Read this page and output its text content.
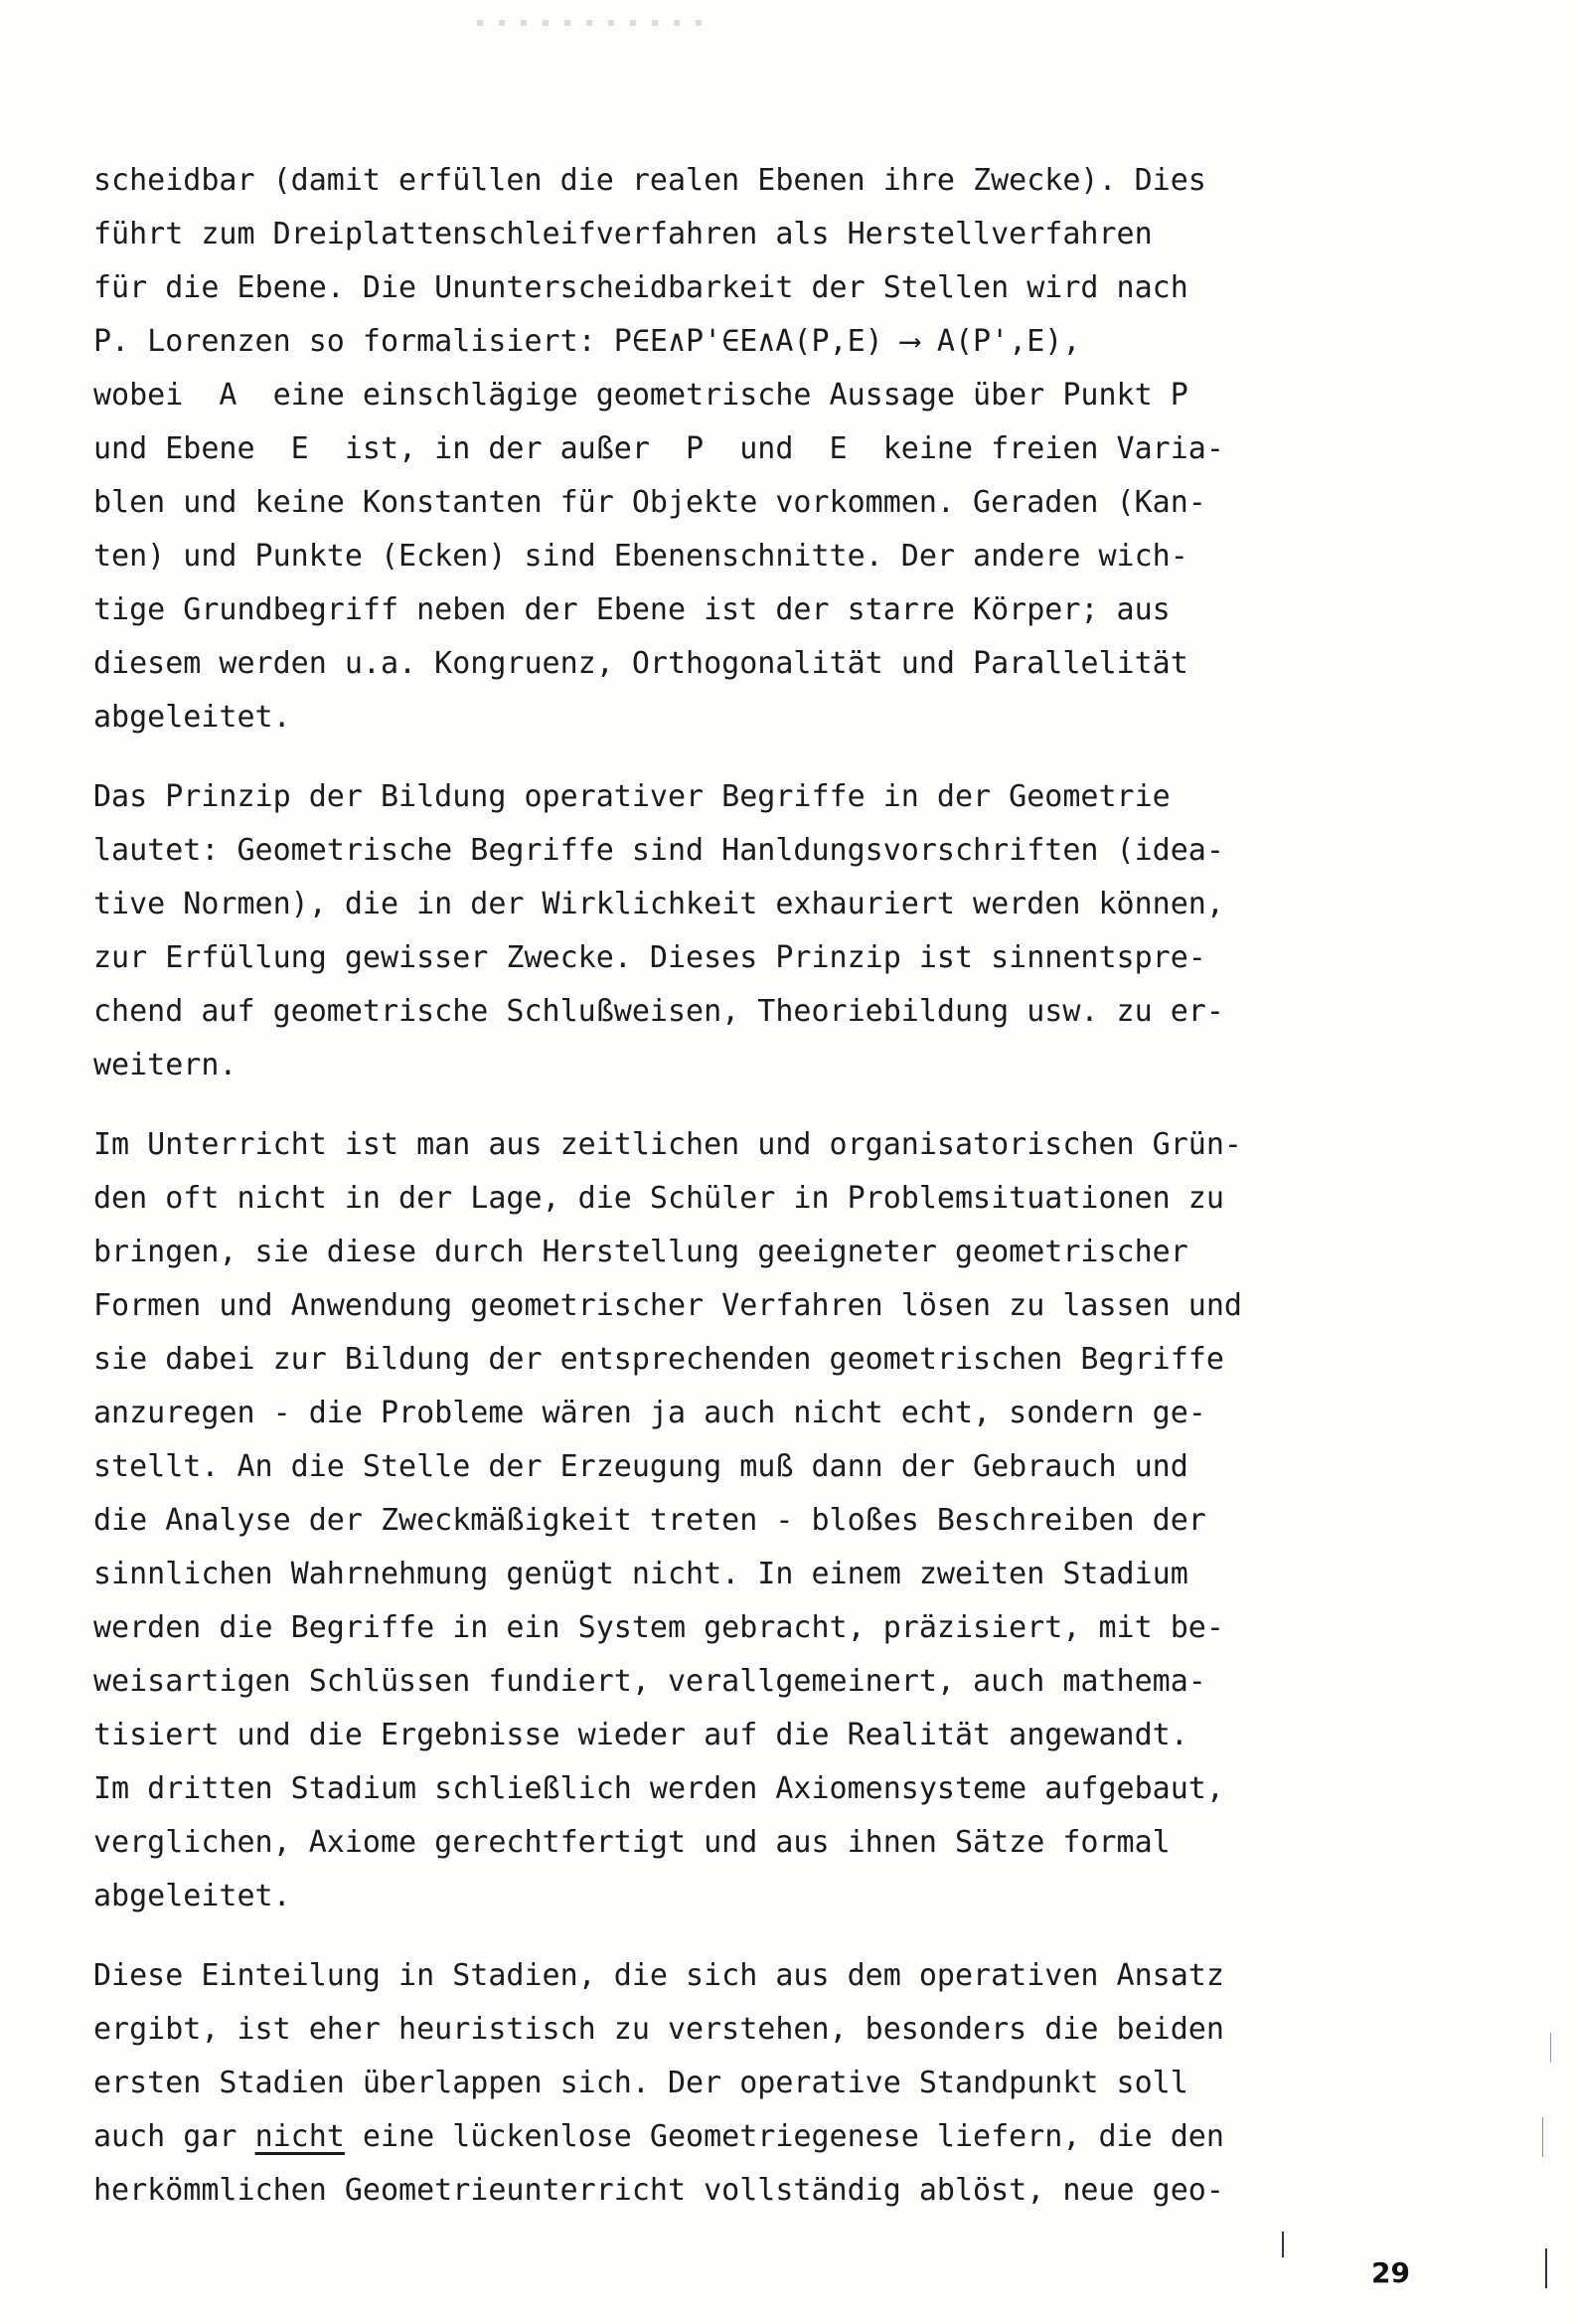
scheidbar (damit erfüllen die realen Ebenen ihre Zwecke). Dies
führt zum Dreiplattenschleifverfahren als Herstellverfahren
für die Ebene. Die Ununterscheidbarkeit der Stellen wird nach
P. Lorenzen so formalisiert: P∈E∧P'∈E∧A(P,E) ⟶ A(P',E),
wobei  A  eine einschlägige geometrische Aussage über Punkt P
und Ebene  E  ist, in der außer  P  und  E  keine freien Varia-
blen und keine Konstanten für Objekte vorkommen. Geraden (Kan-
ten) und Punkte (Ecken) sind Ebenenschnitte. Der andere wich-
tige Grundbegriff neben der Ebene ist der starre Körper; aus
diesem werden u.a. Kongruenz, Orthogonalität und Parallelität
abgeleitet.
Das Prinzip der Bildung operativer Begriffe in der Geometrie
lautet: Geometrische Begriffe sind Hanldungsvorschriften (idea-
tive Normen), die in der Wirklichkeit exhauriert werden können,
zur Erfüllung gewisser Zwecke. Dieses Prinzip ist sinnentspre-
chend auf geometrische Schlußweisen, Theoriebildung usw. zu er-
weitern.
Im Unterricht ist man aus zeitlichen und organisatorischen Grün-
den oft nicht in der Lage, die Schüler in Problemsituationen zu
bringen, sie diese durch Herstellung geeigneter geometrischer
Formen und Anwendung geometrischer Verfahren lösen zu lassen und
sie dabei zur Bildung der entsprechenden geometrischen Begriffe
anzuregen - die Probleme wären ja auch nicht echt, sondern ge-
stellt. An die Stelle der Erzeugung muß dann der Gebrauch und
die Analyse der Zweckmäßigkeit treten - bloßes Beschreiben der
sinnlichen Wahrnehmung genügt nicht. In einem zweiten Stadium
werden die Begriffe in ein System gebracht, präzisiert, mit be-
weisartigen Schlüssen fundiert, verallgemeinert, auch mathema-
tisiert und die Ergebnisse wieder auf die Realität angewandt.
Im dritten Stadium schließlich werden Axiomensysteme aufgebaut,
verglichen, Axiome gerechtfertigt und aus ihnen Sätze formal
abgeleitet.
Diese Einteilung in Stadien, die sich aus dem operativen Ansatz
ergibt, ist eher heuristisch zu verstehen, besonders die beiden
ersten Stadien überlappen sich. Der operative Standpunkt soll
auch gar nicht eine lückenlose Geometriegenese liefern, die den
herkömmlichen Geometrieunterricht vollständig ablöst, neue geo-
29
